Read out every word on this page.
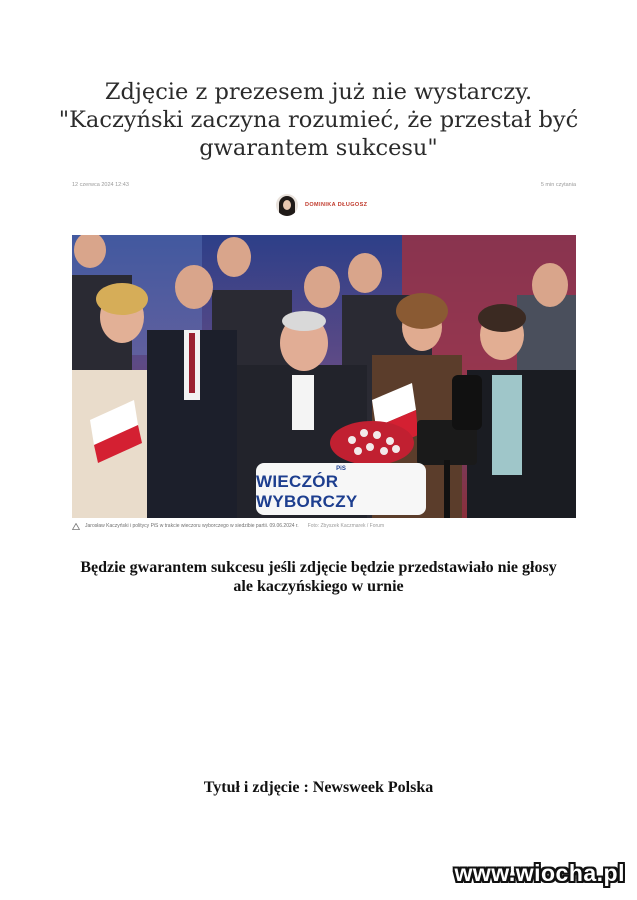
Zdjęcie z prezesem już nie wystarczy.
"Kaczyński zaczyna rozumieć, że przestał być
gwarantem sukcesu"
12 czerwca 2024 12:43	5 min czytania
DOMINIKA DŁUGOSZ
PiS
WIECZÓR WYBORCZY
Jarosław Kaczyński i politycy PiS w trakcie wieczoru wyborczego w siedzibie partii. 09.06.2024 r. Foto: Zbyszek Kaczmarek / Forum
Będzie gwarantem sukcesu jeśli zdjęcie będzie przedstawiało nie głosy
ale kaczyńskiego w urnie
Tytuł i zdjęcie : Newsweek Polska
www.wiocha.pl
